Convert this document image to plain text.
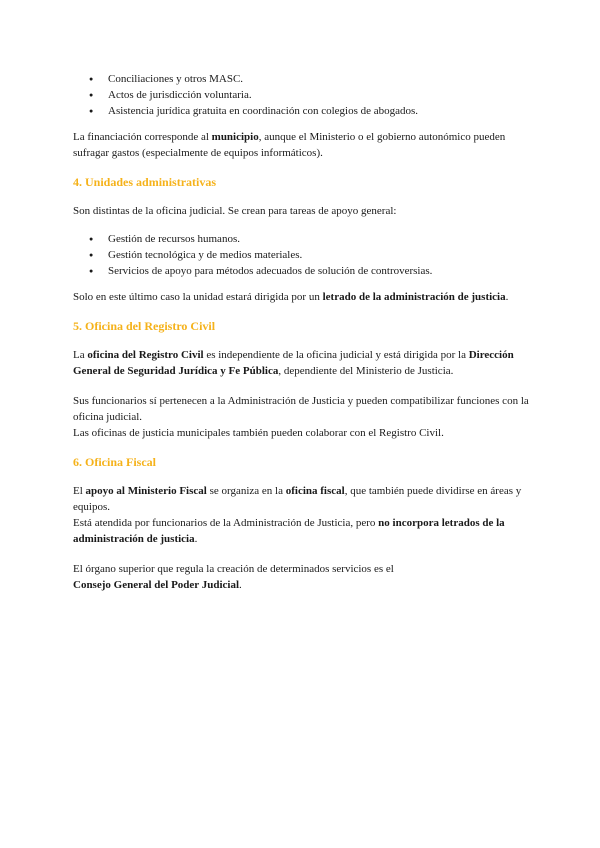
● Conciliaciones y otros MASC.
● Actos de jurisdicción voluntaria.
● Asistencia jurídica gratuita en coordinación con colegios de abogados.

La financiación corresponde al municipio, aunque el Ministerio o el gobierno autonómico pueden sufragar gastos (especialmente de equipos informáticos).

4. Unidades administrativas

Son distintas de la oficina judicial. Se crean para tareas de apoyo general:

● Gestión de recursos humanos.
● Gestión tecnológica y de medios materiales.
● Servicios de apoyo para métodos adecuados de solución de controversias.

Solo en este último caso la unidad estará dirigida por un letrado de la administración de justicia.

5. Oficina del Registro Civil

La oficina del Registro Civil es independiente de la oficina judicial y está dirigida por la Dirección General de Seguridad Jurídica y Fe Pública, dependiente del Ministerio de Justicia.

Sus funcionarios sí pertenecen a la Administración de Justicia y pueden compatibilizar funciones con la oficina judicial.

Las oficinas de justicia municipales también pueden colaborar con el Registro Civil.

6. Oficina Fiscal

El apoyo al Ministerio Fiscal se organiza en la oficina fiscal, que también puede dividirse en áreas y equipos.

Está atendida por funcionarios de la Administración de Justicia, pero no incorpora letrados de la administración de justicia.

El órgano superior que regula la creación de determinados servicios es el

Consejo General del Poder Judicial.
